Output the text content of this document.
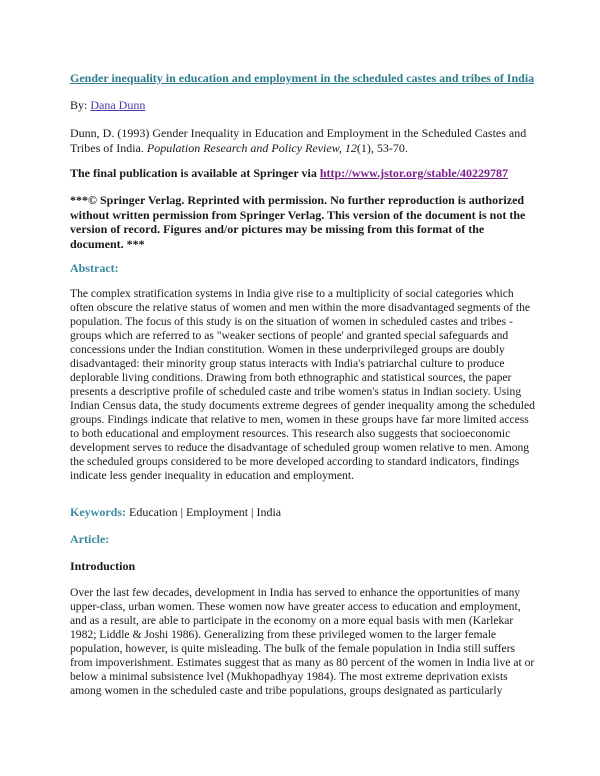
Gender inequality in education and employment in the scheduled castes and tribes of India
By: Dana Dunn
Dunn, D. (1993) Gender Inequality in Education and Employment in the Scheduled Castes and Tribes of India. Population Research and Policy Review, 12(1), 53-70.
The final publication is available at Springer via http://www.jstor.org/stable/40229787
***© Springer Verlag. Reprinted with permission. No further reproduction is authorized without written permission from Springer Verlag. This version of the document is not the version of record. Figures and/or pictures may be missing from this format of the document. ***
Abstract:
The complex stratification systems in India give rise to a multiplicity of social categories which often obscure the relative status of women and men within the more disadvantaged segments of the population. The focus of this study is on the situation of women in scheduled castes and tribes - groups which are referred to as "weaker sections of people' and granted special safeguards and concessions under the Indian constitution. Women in these underprivileged groups are doubly disadvantaged: their minority group status interacts with India's patriarchal culture to produce deplorable living conditions. Drawing from both ethnographic and statistical sources, the paper presents a descriptive profile of scheduled caste and tribe women's status in Indian society. Using Indian Census data, the study documents extreme degrees of gender inequality among the scheduled groups. Findings indicate that relative to men, women in these groups have far more limited access to both educational and employment resources. This research also suggests that socioeconomic development serves to reduce the disadvantage of scheduled group women relative to men. Among the scheduled groups considered to be more developed according to standard indicators, findings indicate less gender inequality in education and employment.
Keywords: Education | Employment | India
Article:
Introduction
Over the last few decades, development in India has served to enhance the opportunities of many upper-class, urban women. These women now have greater access to education and employment, and as a result, are able to participate in the economy on a more equal basis with men (Karlekar 1982; Liddle & Joshi 1986). Generalizing from these privileged women to the larger female population, however, is quite misleading. The bulk of the female population in India still suffers from impoverishment. Estimates suggest that as many as 80 percent of the women in India live at or below a minimal subsistence lvel (Mukhopadhyay 1984). The most extreme deprivation exists among women in the scheduled caste and tribe populations, groups designated as particularly
